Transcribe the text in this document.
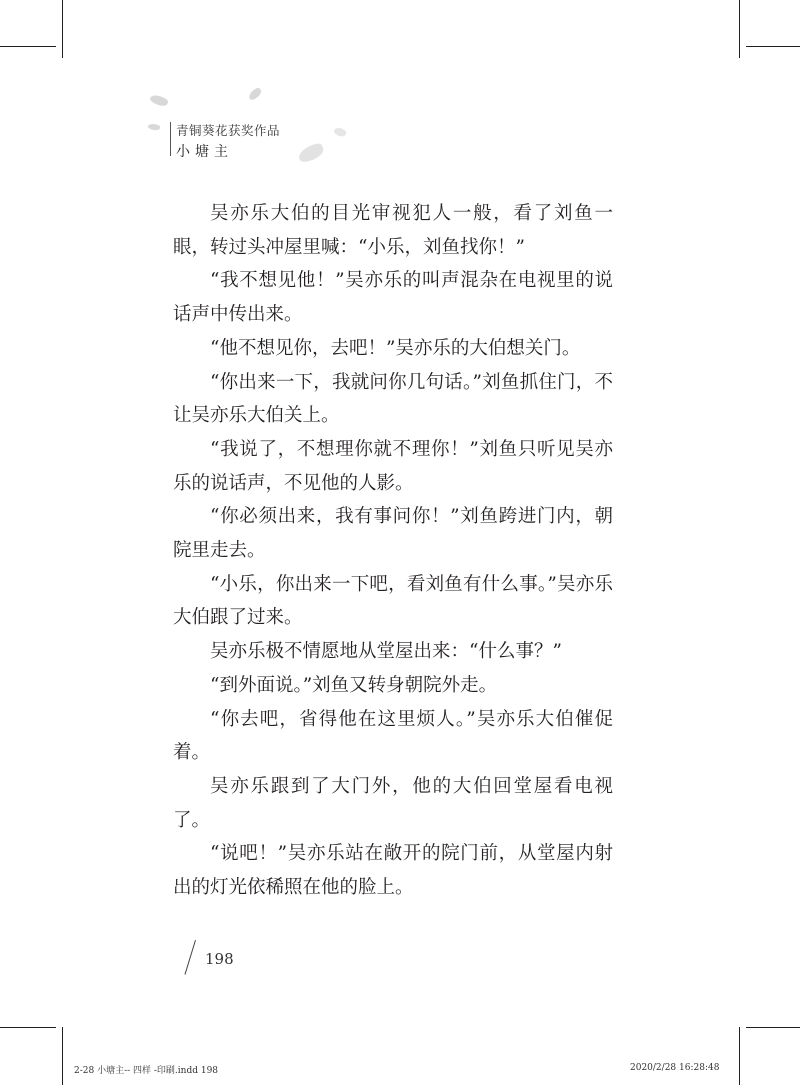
青铜葵花获奖作品
小塘主

吴亦乐大伯的目光审视犯人一般，看了刘鱼一眼，转过头冲屋里喊：“小乐，刘鱼找你！”

“我不想见他！”吴亦乐的叫声混杂在电视里的说话声中传出来。

“他不想见你，去吧！”吴亦乐的大伯想关门。

“你出来一下，我就问你几句话。”刘鱼抓住门，不让吴亦乐大伯关上。

“我说了，不想理你就不理你！”刘鱼只听见吴亦乐的说话声，不见他的人影。

“你必须出来，我有事问你！”刘鱼跨进门内，朝院里走去。

“小乐，你出来一下吧，看刘鱼有什么事。”吴亦乐大伯跟了过来。

吴亦乐极不情愿地从堂屋出来：“什么事？”

“到外面说。”刘鱼又转身朝院外走。

“你去吧，省得他在这里烦人。”吴亦乐大伯催促着。

吴亦乐跟到了大门外，他的大伯回堂屋看电视了。

“说吧！”吴亦乐站在敞开的院门前，从堂屋内射出的灯光依稀照在他的脸上。

198
2-28 小塘主-- 四样 -印刷.indd 198	2020/2/28 16:28:48
